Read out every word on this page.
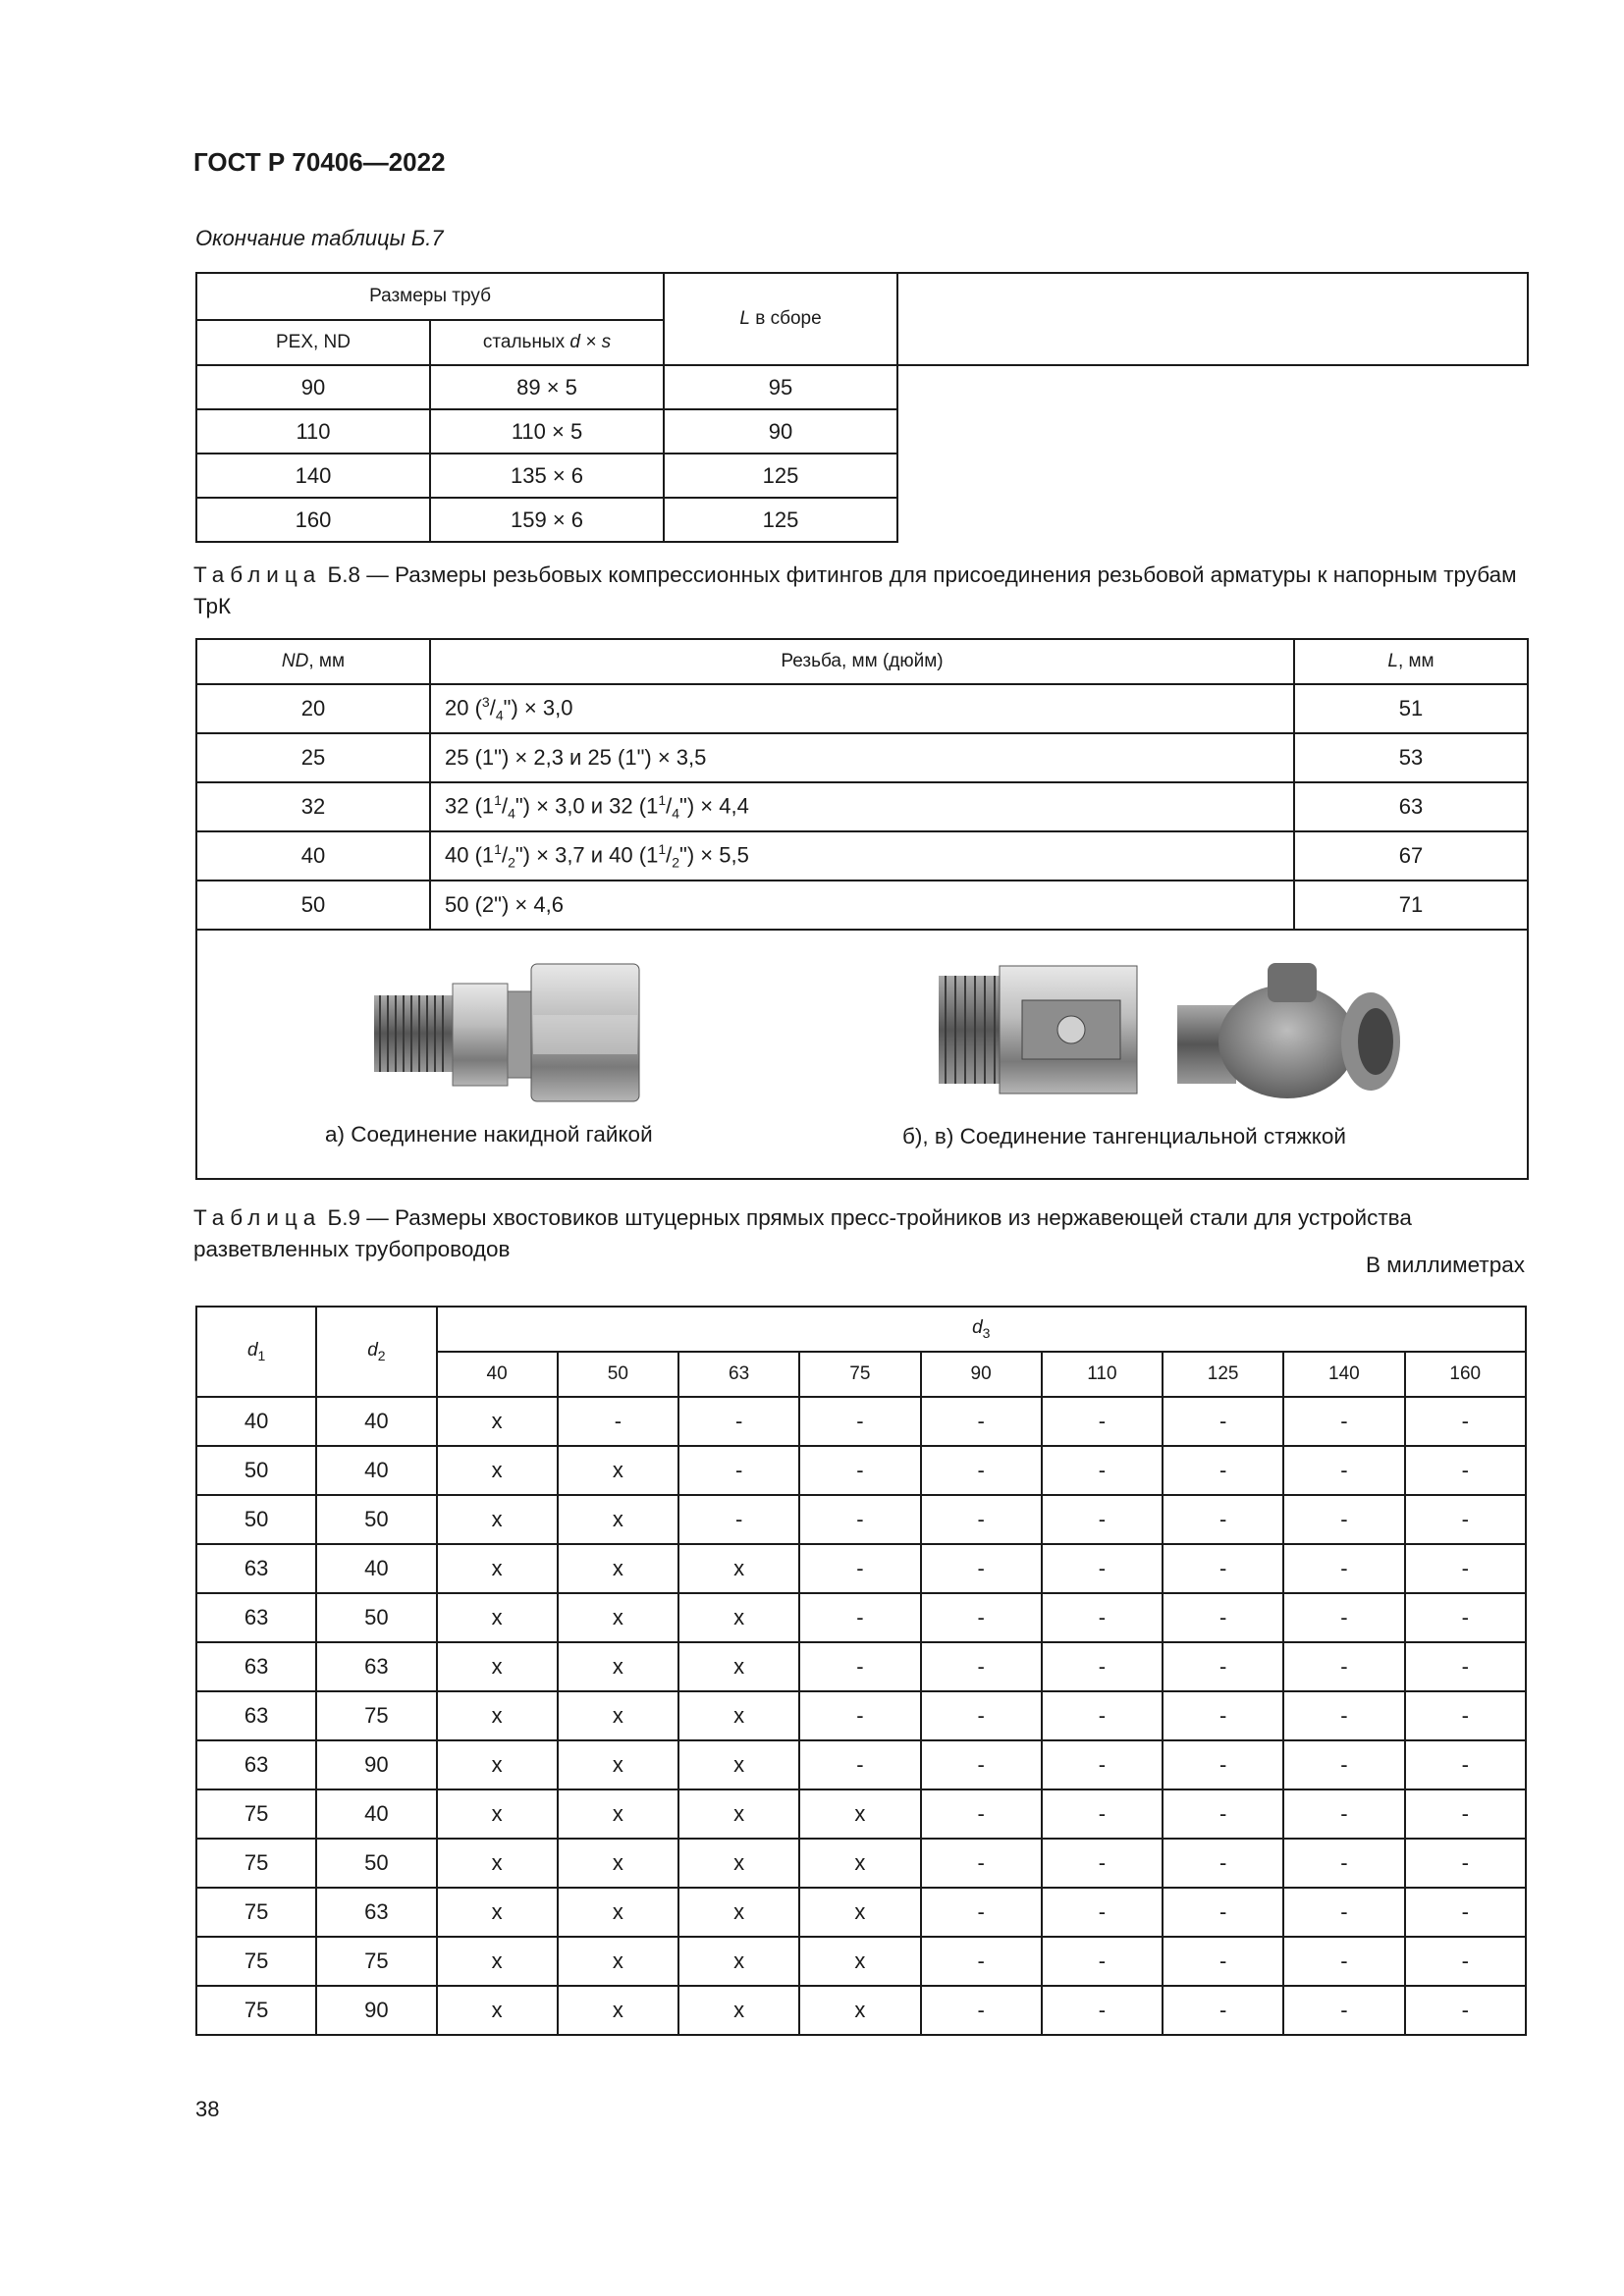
ГОСТ Р 70406—2022
Окончание таблицы Б.7
Размеры труб		L в сборе	
PEX, ND	стальных d × s		
90	89 × 5	95	
110	110 × 5	90	
140	135 × 6	125	
160	159 × 6	125	
Таблица Б.8 — Размеры резьбовых компрессионных фитингов для присоединения резьбовой арматуры к напорным трубам ТрК
ND, мм	Резьба, мм (дюйм)	L, мм
20	20 $(^3/_4") \times 3,0$	51
25	25 (1") × 2,3 и 25 (1") × 3,5	53
32	32 $(1^1/_4") \times 3,0$ и 32 $(1^1/_4") \times 4,4$	63
40	40 $(1^1/_2") \times 3,7$ и 40 $(1^1/_2") \times 5,5$	67
50	50 (2") × 4,6	71

а) Соединение накидной гайкой б), в) Соединение тангенциальной стяжкой		
Таблица Б.9 — Размеры хвостовиков штуцерных прямых пресс-тройников из нержавеющей стали для устройства разветвленных трубопроводов
В миллиметрах
$d_1$	$d_2$	$d_3$
		40	50	63	75	90	110	125	140	160
40	40	x	-	-	-	-	-	-	-	-
50	40	x	x	-	-	-	-	-	-	-
50	50	x	x	-	-	-	-	-	-	-
63	40	x	x	x	-	-	-	-	-	-
63	50	x	x	x	-	-	-	-	-	-
63	63	x	x	x	-	-	-	-	-	-
63	75	x	x	x	-	-	-	-	-	-
63	90	x	x	x	-	-	-	-	-	-
75	40	x	x	x	x	-	-	-	-	-
75	50	x	x	x	x	-	-	-	-	-
75	63	x	x	x	x	-	-	-	-	-
75	75	x	x	x	x	-	-	-	-	-
75	90	x	x	x	x	-	-	-	-	-
38
